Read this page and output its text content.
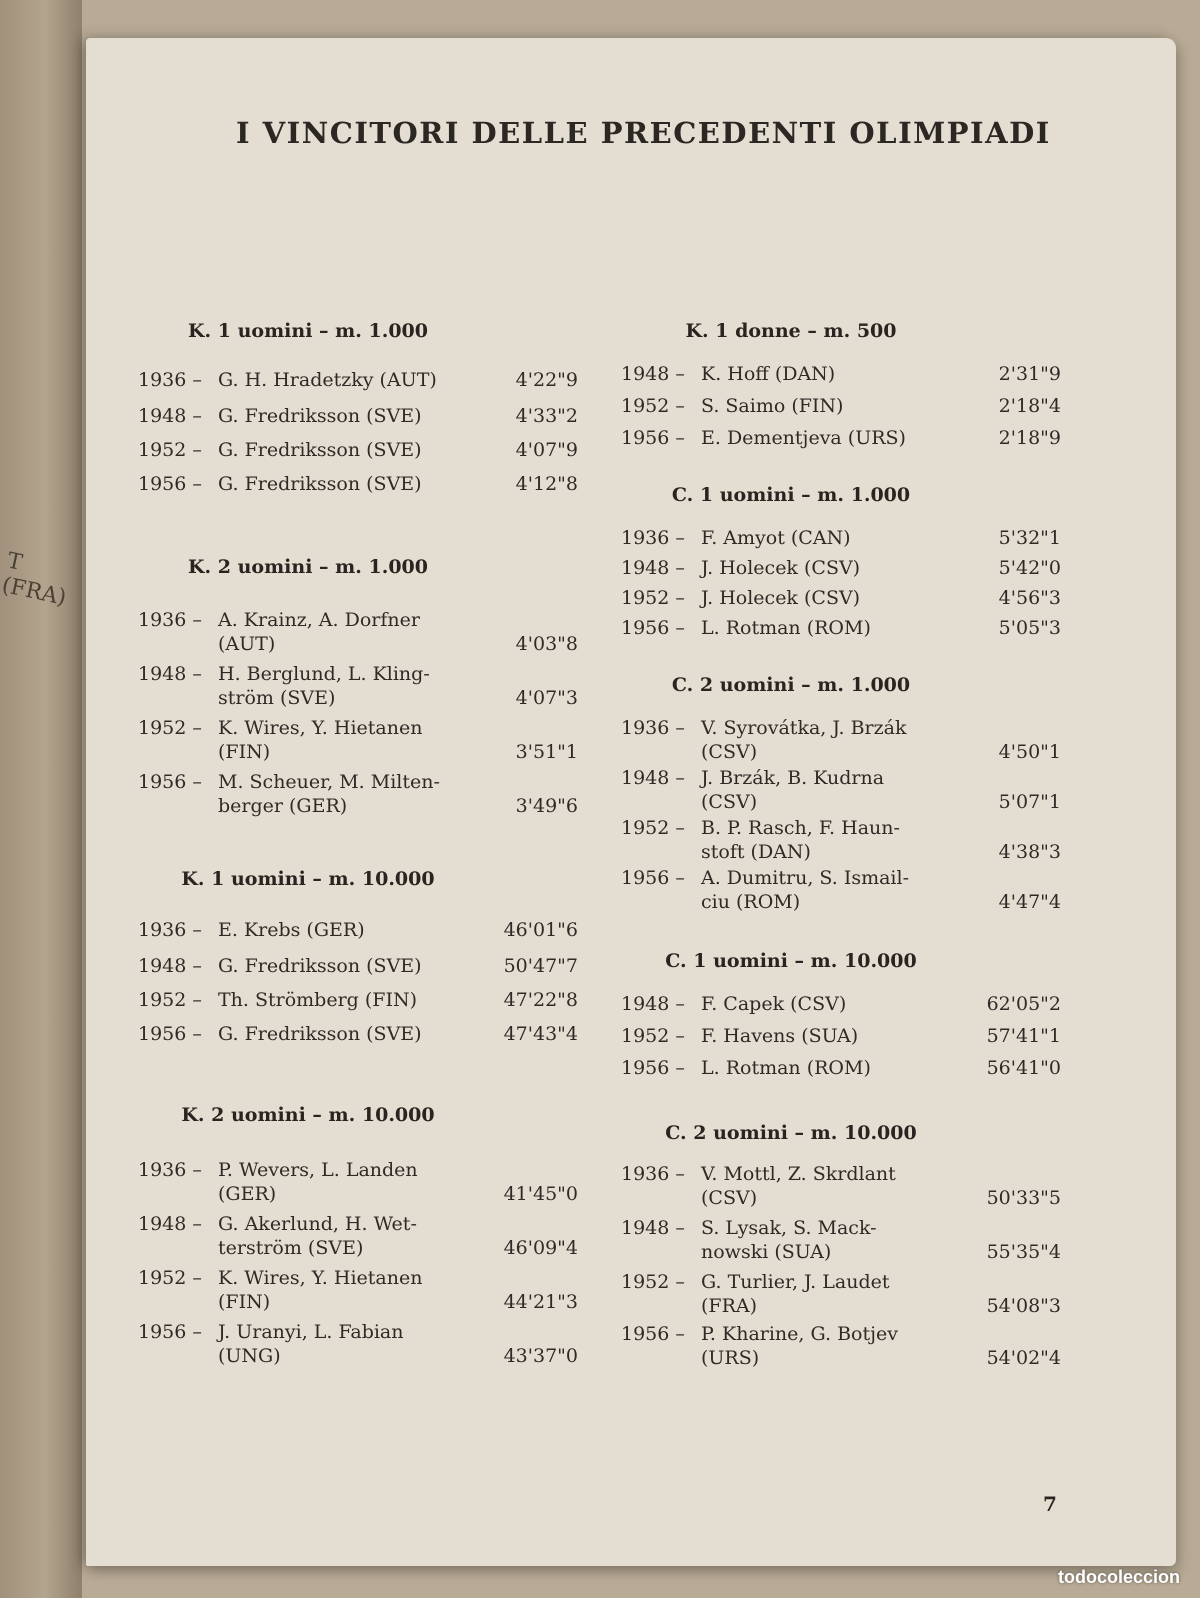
T (FRA)
I VINCITORI DELLE PRECEDENTI OLIMPIADI
K. 1 uomini – m. 1.000
1936 – G. H. Hradetzky (AUT)	4'22"9
1948 – G. Fredriksson (SVE)	4'33"2
1952 – G. Fredriksson (SVE)	4'07"9
1956 – G. Fredriksson (SVE)	4'12"8
K. 2 uomini – m. 1.000
1936 – A. Krainz, A. Dorfner
(AUT)	4'03"8
1948 – H. Berglund, L. Kling-
ström (SVE)	4'07"3
1952 – K. Wires, Y. Hietanen
(FIN)	3'51"1
1956 – M. Scheuer, M. Milten-
berger (GER)	3'49"6
K. 1 uomini – m. 10.000
1936 – E. Krebs (GER)	46'01"6
1948 – G. Fredriksson (SVE)	50'47"7
1952 – Th. Strömberg (FIN)	47'22"8
1956 – G. Fredriksson (SVE)	47'43"4
K. 2 uomini – m. 10.000
1936 – P. Wevers, L. Landen
(GER)	41'45"0
1948 – G. Akerlund, H. Wet-
terström (SVE)	46'09"4
1952 – K. Wires, Y. Hietanen
(FIN)	44'21"3
1956 – J. Uranyi, L. Fabian
(UNG)	43'37"0
K. 1 donne – m. 500
1948 – K. Hoff (DAN)	2'31"9
1952 – S. Saimo (FIN)	2'18"4
1956 – E. Dementjeva (URS)	2'18"9
C. 1 uomini – m. 1.000
1936 – F. Amyot (CAN)	5'32"1
1948 – J. Holecek (CSV)	5'42"0
1952 – J. Holecek (CSV)	4'56"3
1956 – L. Rotman (ROM)	5'05"3
C. 2 uomini – m. 1.000
1936 – V. Syrovátka, J. Brzák
(CSV)	4'50"1
1948 – J. Brzák, B. Kudrna
(CSV)	5'07"1
1952 – B. P. Rasch, F. Haun-
stoft (DAN)	4'38"3
1956 – A. Dumitru, S. Ismail-
ciu (ROM)	4'47"4
C. 1 uomini – m. 10.000
1948 – F. Capek (CSV)	62'05"2
1952 – F. Havens (SUA)	57'41"1
1956 – L. Rotman (ROM)	56'41"0
C. 2 uomini – m. 10.000
1936 – V. Mottl, Z. Skrdlant
(CSV)	50'33"5
1948 – S. Lysak, S. Mack-
nowski (SUA)	55'35"4
1952 – G. Turlier, J. Laudet
(FRA)	54'08"3
1956 – P. Kharine, G. Botjev
(URS)	54'02"4
7
todocoleccion
